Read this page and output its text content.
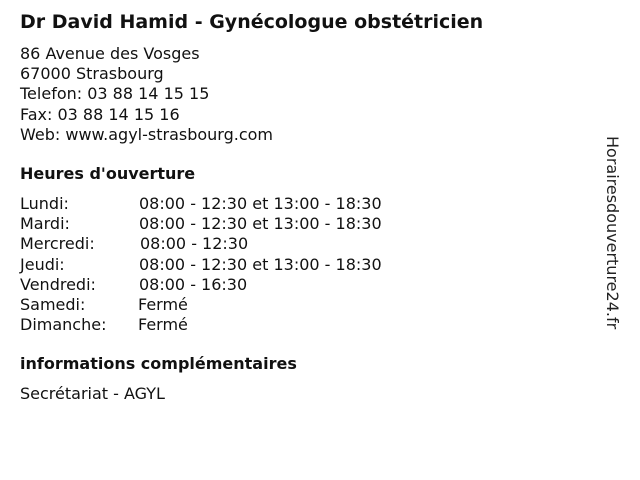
Dr David Hamid - Gynécologue obstétricien
86 Avenue des Vosges
67000 Strasbourg
Telefon: 03 88 14 15 15
Fax: 03 88 14 15 16
Web: www.agyl-strasbourg.com
Heures d'ouverture
Lundi:	08:00 - 12:30 et 13:00 - 18:30
Mardi:	08:00 - 12:30 et 13:00 - 18:30
Mercredi:	08:00 - 12:30
Jeudi:	08:00 - 12:30 et 13:00 - 18:30
Vendredi:	08:00 - 16:30
Samedi:	Fermé
Dimanche: Fermé
informations complémentaires
Secrétariat - AGYL
Horairesdouverture24.fr
